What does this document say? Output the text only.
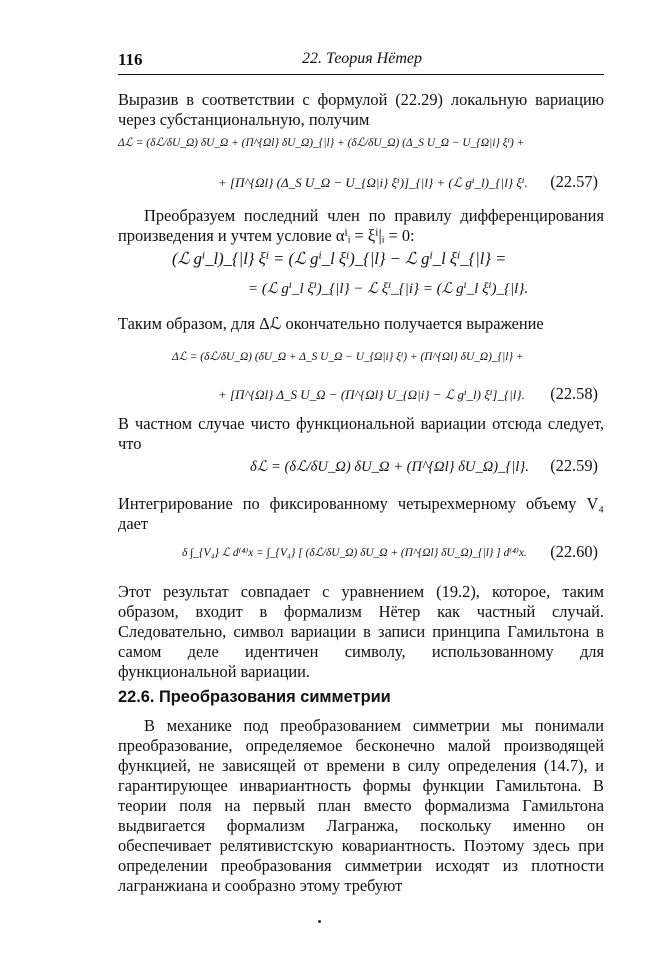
116	22. Теория Нётер
Выразив в соответствии с формулой (22.29) локальную вариацию через субстанциональную, получим
Δℒ = (δℒ/δU_Ω) δU_Ω + (Π^{Ωl} δU_Ω)_{|l} + (δℒ/δU_Ω) (Δ_S U_Ω − U_{Ω|i} ξⁱ) +
+ [Π^{Ωl} (Δ_S U_Ω − U_{Ω|i} ξⁱ)]_{|l} + (ℒ gⁱ_l)_{|l} ξⁱ. (22.57)
Преобразуем последний член по правилу дифференцирования произведения и учтем условие αⁱᵢ = ξⁱ|ᵢ = 0:
(ℒ gⁱ_l)_{|l} ξⁱ = (ℒ gⁱ_l ξⁱ)_{|l} − ℒ gⁱ_l ξⁱ_{|l} =
= (ℒ gⁱ_l ξⁱ)_{|l} − ℒ ξⁱ_{|i} = (ℒ gⁱ_l ξⁱ)_{|l}.
Таким образом, для Δℒ окончательно получается выражение
Δℒ = (δℒ/δU_Ω) (δU_Ω + Δ_S U_Ω − U_{Ω|i} ξⁱ) + (Π^{Ωl} δU_Ω)_{|l} +
+ [Π^{Ωl} Δ_S U_Ω − (Π^{Ωl} U_{Ω|i} − ℒ gⁱ_l) ξⁱ]_{|l}. (22.58)
В частном случае чисто функциональной вариации отсюда следует, что
δℒ = (δℒ/δU_Ω) δU_Ω + (Π^{Ωl} δU_Ω)_{|l}. (22.59)
Интегрирование по фиксированному четырехмерному объему V₄ дает
δ ∫_{V₄} ℒ d⁽⁴⁾x = ∫_{V₄} [ (δℒ/δU_Ω) δU_Ω + (Π^{Ωl} δU_Ω)_{|l} ] d⁽⁴⁾x. (22.60)
Этот результат совпадает с уравнением (19.2), которое, таким образом, входит в формализм Нётер как частный случай. Следовательно, символ вариации в записи принципа Гамильтона в самом деле идентичен символу, использованному для функциональной вариации.
22.6. Преобразования симметрии
В механике под преобразованием симметрии мы понимали преобразование, определяемое бесконечно малой производящей функцией, не зависящей от времени в силу определения (14.7), и гарантирующее инвариантность формы функции Гамильтона. В теории поля на первый план вместо формализма Гамильтона выдвигается формализм Лагранжа, поскольку именно он обеспечивает релятивистскую ковариантность. Поэтому здесь при определении преобразования симметрии исходят из плотности лагранжиана и сообразно этому требуют
